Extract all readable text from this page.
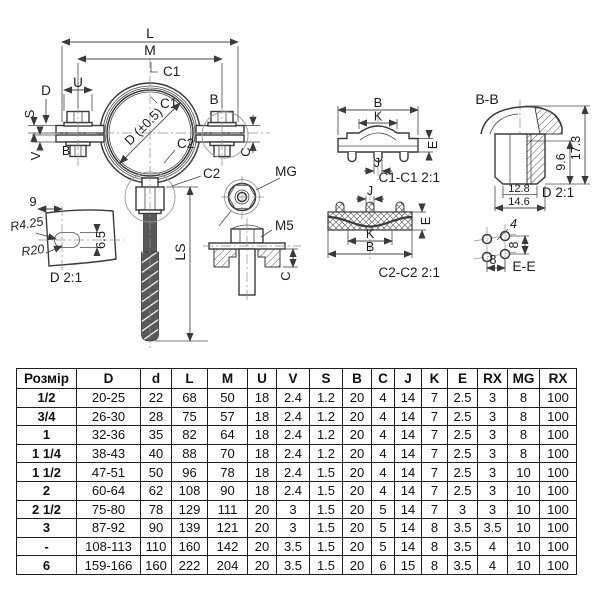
L
M
C1
C1
U
D
S
V B
B
C
C2
C2
D (±0.5)
LS
MG
M5
C
9
R4.25
R20
6.5
D 2:1
B
K
E
J
C1-C1 2:1
J
E
K
B
C2-C2 2:1
B-B
9.6
17.3
12.8
14.6
D 2:1
4
8
8 E-E
Розмір	D	d	L	M	U	V	S	B	C	J	K	E	RX	MG	RX
1/2	20-25	22	68	50	18	2.4	1.2	20	4	14	7	2.5	3	8	100
3/4	26-30	28	75	57	18	2.4	1.2	20	4	14	7	2.5	3	8	100
1	32-36	35	82	64	18	2.4	1.2	20	4	14	7	2.5	3	8	100
1 1/4	38-43	40	88	70	18	2.4	1.2	20	4	14	7	2.5	3	8	100
1 1/2	47-51	50	96	78	18	2.4	1.5	20	4	14	7	2.5	3	10	100
2	60-64	62	108	90	18	2.4	1.5	20	4	14	7	2.5	3	10	100
2 1/2	75-80	78	129	111	20	3	1.5	20	5	14	7	3	3	10	100
3	87-92	90	139	121	20	3	1.5	20	5	14	8	3.5	3.5	10	100
-	108-113	110	160	142	20	3.5	1.5	20	5	14	8	3.5	4	10	100
6	159-166	160	222	204	20	3.5	1.5	20	6	15	8	3.5	4	10	100
